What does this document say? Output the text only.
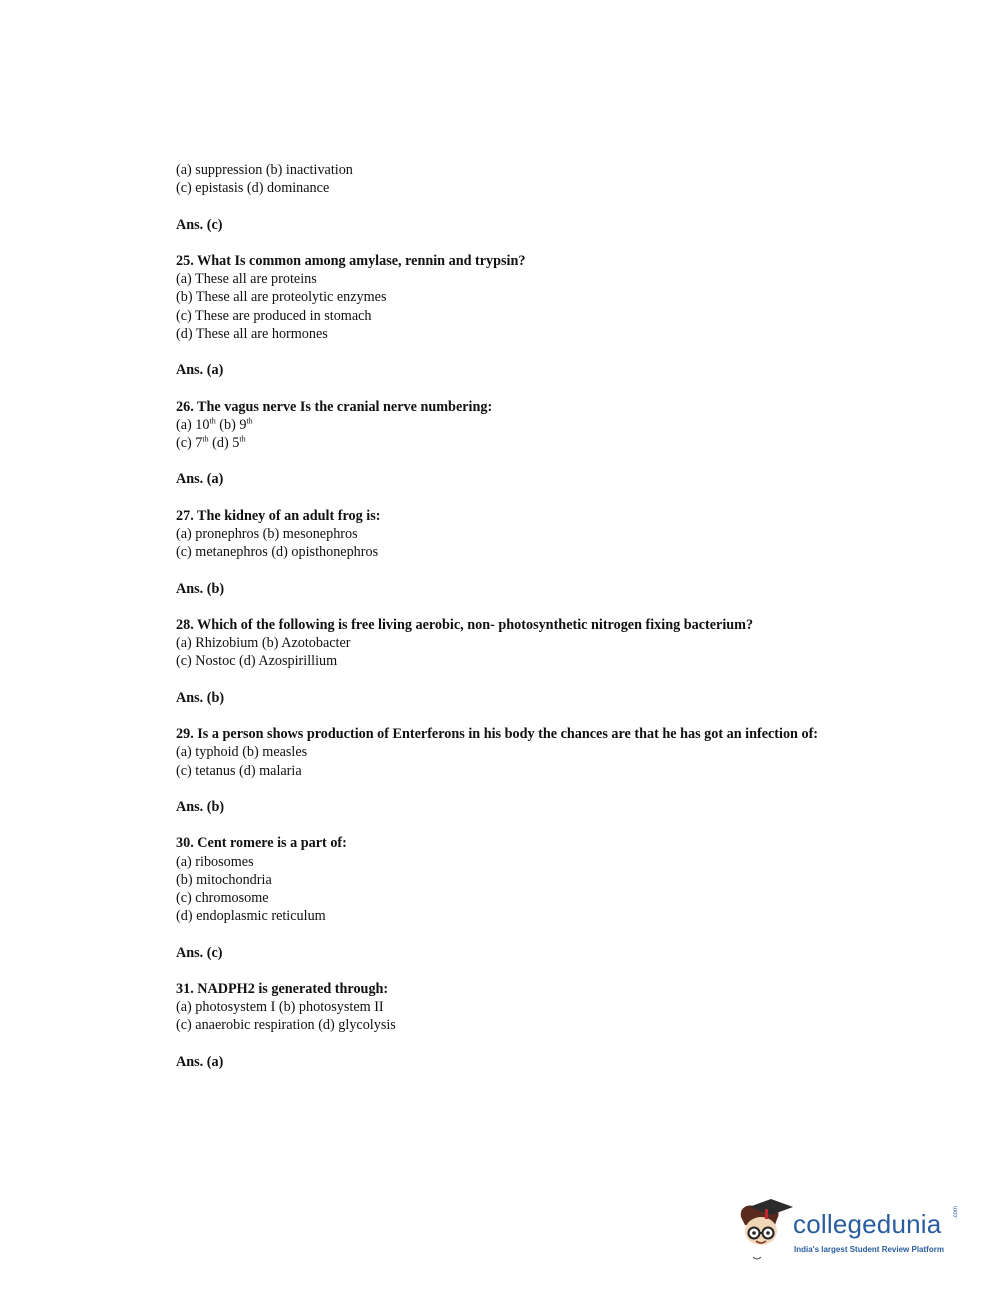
(a) suppression (b) inactivation
(c) epistasis (d) dominance
Ans. (c)
25. What Is common among amylase, rennin and trypsin?
(a) These all are proteins
(b) These all are proteolytic enzymes
(c) These are produced in stomach
(d) These all are hormones
Ans. (a)
26. The vagus nerve Is the cranial nerve numbering:
(a) 10th (b) 9th
(c) 7th (d) 5th
Ans. (a)
27. The kidney of an adult frog is:
(a) pronephros (b) mesonephros
(c) metanephros (d) opisthonephros
Ans. (b)
28. Which of the following is free living aerobic, non- photosynthetic nitrogen fixing bacterium?
(a) Rhizobium (b) Azotobacter
(c) Nostoc (d) Azospirillium
Ans. (b)
29. Is a person shows production of Enterferons in his body the chances are that he has got an infection of:
(a) typhoid (b) measles
(c) tetanus (d) malaria
Ans. (b)
30. Cent romere is a part of:
(a) ribosomes
(b) mitochondria
(c) chromosome
(d) endoplasmic reticulum
Ans. (c)
31. NADPH2 is generated through:
(a) photosystem I (b) photosystem II
(c) anaerobic respiration (d) glycolysis
Ans. (a)
collegedunia .com
India's largest Student Review Platform
